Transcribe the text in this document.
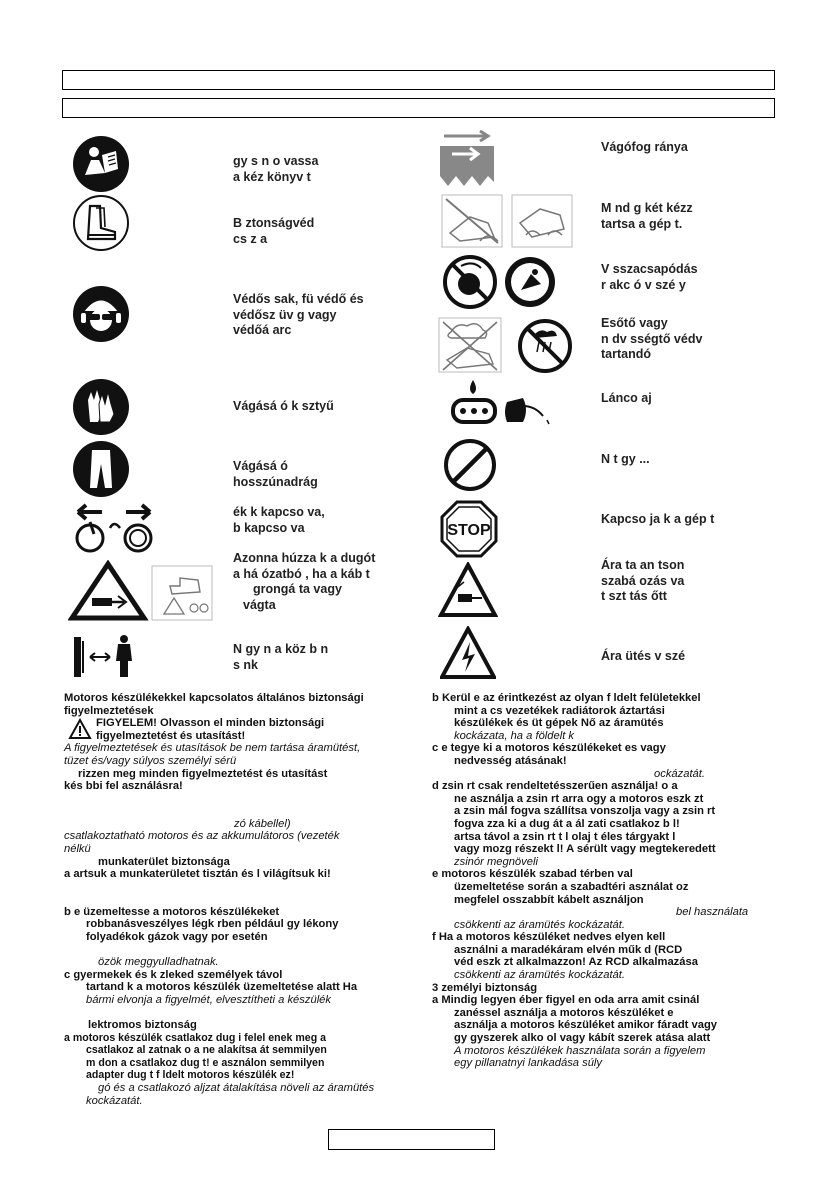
gy s n o vassa
a kéz könyv t
B ztonságvéd
cs z a
Védős sak, fü védő és
védősz üv g vagy
védőá arc
Vágásá ó k sztyű
Vágásá ó
hosszúnadrág
ék k kapcso va,
b kapcso va
Azonna húzza k a dugót
a há ózatbó , ha a káb t
grongá ta vagy
vágta
N gy n a köz b n
s nk
Vágófog ránya
M nd g két kézz
tartsa a gép t.
V sszacsapódás
r akc ó v szé y
Esőtő vagy
n dv sségtő védv
tartandó
Lánco aj
N t gy ...
STOP
Kapcso ja k a gép t
Ára ta an tson
szabá ozás va
t szt tás őtt
Ára ütés v szé

Motoros készülékekkel kapcsolatos általános biztonsági

figyelmeztetések

FIGYELEM! Olvasson el minden biztonsági

figyelmeztetést és utasítást!

A figyelmeztetések és utasítások be nem tartása áramütést,

tüzet és/vagy súlyos személyi sérü

rizzen meg minden figyelmeztetést és utasítást

kés bbi fel asználásra!

zó kábellel)

csatlakoztatható motoros és az akkumulátoros (vezeték

nélkü

munkaterület biztonsága

a artsuk a munkaterületet tisztán és l világítsuk ki!

b e üzemeltesse a motoros készülékeket

robbanásveszélyes légk rben például gy lékony

folyadékok gázok vagy por esetén

özök meggyulladhatnak.

c gyermekek és k zleked személyek távol

tartand k a motoros készülék üzemeltetése alatt Ha

bármi elvonja a figyelmét, elvesztítheti a készülék

lektromos biztonság

a motoros készülék csatlakoz dug i felel enek meg a

csatlakoz al zatnak o a ne alakítsa át semmilyen

m don a csatlakoz dug t! e asználon semmilyen

adapter dug t f ldelt motoros készülék ez!

gó és a csatlakozó aljzat átalakítása növeli az áramütés

kockázatát.

b Kerül e az érintkezést az olyan f ldelt felületekkel

mint a cs vezetékek radiátorok áztartási

készülékek és üt gépek Nő az áramütés

kockázata, ha a földelt k

c e tegye ki a motoros készülékeket es vagy

nedvesség atásának!

ockázatát.

d zsin rt csak rendeltetésszerűen asználja! o a

ne asználja a zsin rt arra ogy a motoros eszk zt

a zsin mál fogva szállítsa vonszolja vagy a zsin rt

fogva zza ki a dug át a ál zati csatlakoz b l!

artsa távol a zsin rt t l olaj t éles tárgyakt l

vagy mozg részekt l! A sérült vagy megtekeredett

zsinór megnöveli

e motoros készülék szabad térben val

üzemeltetése során a szabadtéri asználat oz

megfelel osszabbít kábelt asználjon

bel használata

csökkenti az áramütés kockázatát.

f Ha a motoros készüléket nedves elyen kell

asználni a maradékáram elvén műk d (RCD

véd eszk zt alkalmazzon! Az RCD alkalmazása

csökkenti az áramütés kockázatát.

3 zemélyi biztonság

a Mindig legyen éber figyel en oda arra amit csinál

zanéssel asználja a motoros készüléket e

asználja a motoros készüléket amikor fáradt vagy

gy gyszerek alko ol vagy kábít szerek atása alatt

A motoros készülékek használata során a figyelem

egy pillanatnyi lankadása súly
